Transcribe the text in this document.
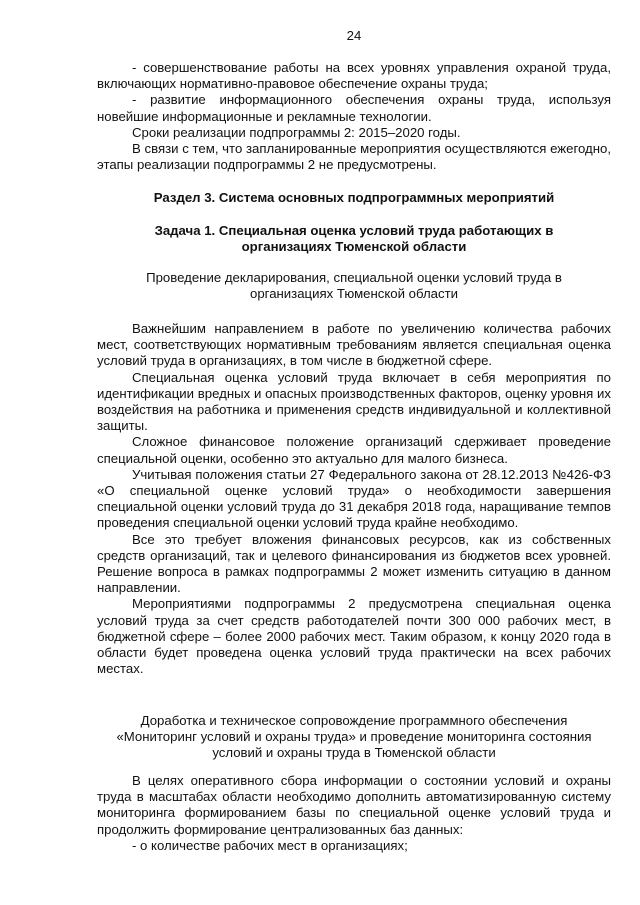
24

- совершенствование работы на всех уровнях управления охраной труда, включающих нормативно-правовое обеспечение охраны труда;

- развитие информационного обеспечения охраны труда, используя новейшие информационные и рекламные технологии.

Сроки реализации подпрограммы 2: 2015–2020 годы.

В связи с тем, что запланированные мероприятия осуществляются ежегодно, этапы реализации подпрограммы 2 не предусмотрены.

Раздел 3. Система основных подпрограммных мероприятий
Задача 1. Специальная оценка условий труда работающих в
организациях Тюменской области
Проведение декларирования, специальной оценки условий труда в
организациях Тюменской области

Важнейшим направлением в работе по увеличению количества рабочих мест, соответствующих нормативным требованиям является специальная оценка условий труда в организациях, в том числе в бюджетной сфере.

Специальная оценка условий труда включает в себя мероприятия по идентификации вредных и опасных производственных факторов, оценку уровня их воздействия на работника и применения средств индивидуальной и коллективной защиты.

Сложное финансовое положение организаций сдерживает проведение специальной оценки, особенно это актуально для малого бизнеса.

Учитывая положения статьи 27 Федерального закона от 28.12.2013 №426-ФЗ «О специальной оценке условий труда» о необходимости завершения специальной оценки условий труда до 31 декабря 2018 года, наращивание темпов проведения специальной оценки условий труда крайне необходимо.

Все это требует вложения финансовых ресурсов, как из собственных средств организаций, так и целевого финансирования из бюджетов всех уровней. Решение вопроса в рамках подпрограммы 2 может изменить ситуацию в данном направлении.

Мероприятиями подпрограммы 2 предусмотрена специальная оценка условий труда за счет средств работодателей почти 300 000 рабочих мест, в бюджетной сфере – более 2000 рабочих мест. Таким образом, к концу 2020 года в области будет проведена оценка условий труда практически на всех рабочих местах.

Доработка и техническое сопровождение программного обеспечения
«Мониторинг условий и охраны труда» и проведение мониторинга состояния
условий и охраны труда в Тюменской области

В целях оперативного сбора информации о состоянии условий и охраны труда в масштабах области необходимо дополнить автоматизированную систему мониторинга формированием базы по специальной оценке условий труда и продолжить формирование централизованных баз данных:

- о количестве рабочих мест в организациях;
